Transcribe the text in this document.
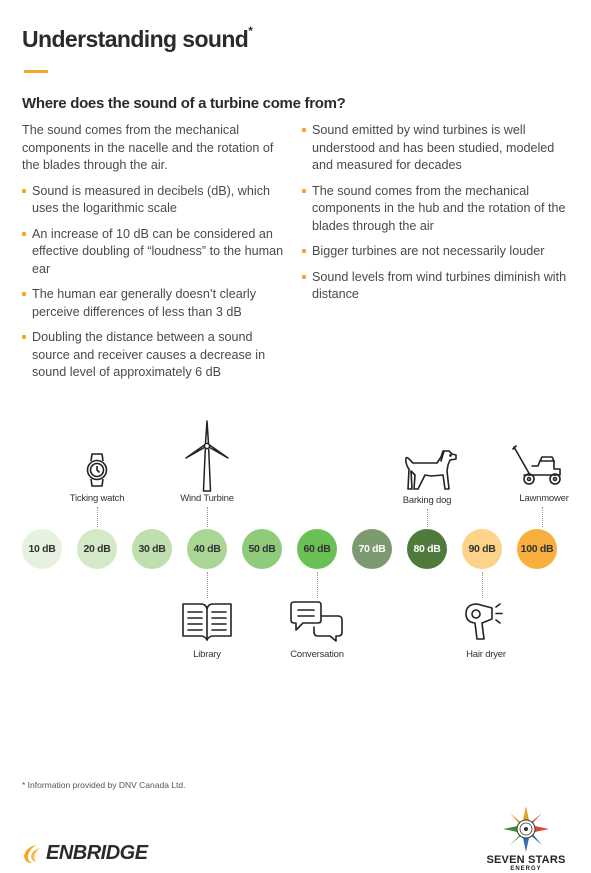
Understanding sound*
Where does the sound of a turbine come from?

The sound comes from the mechanical components in the nacelle and the rotation of the blades through the air.

Sound is measured in decibels (dB), which uses the logarithmic scale
An increase of 10 dB can be considered an effective doubling of “loudness” to the human ear
The human ear generally doesn’t clearly perceive differences of less than 3 dB
Doubling the distance between a sound source and receiver causes a decrease in sound level of approximately 6 dB
Sound emitted by wind turbines is well understood and has been studied, modeled and measured for decades
The sound comes from the mechanical components in the hub and the rotation of the blades through the air
Bigger turbines are not necessarily louder
Sound levels from wind turbines diminish with distance
10 dB	20 dB	30 dB	40 dB	50 dB	60 dB	70 dB	80 dB	90 dB	100 dB
Ticking watch	Wind Turbine	Barking dog	Lawnmower
Library	Conversation	Hair dryer

* Information provided by DNV Canada Ltd.

ENBRIDGE	SEVEN STARS
ENERGY
